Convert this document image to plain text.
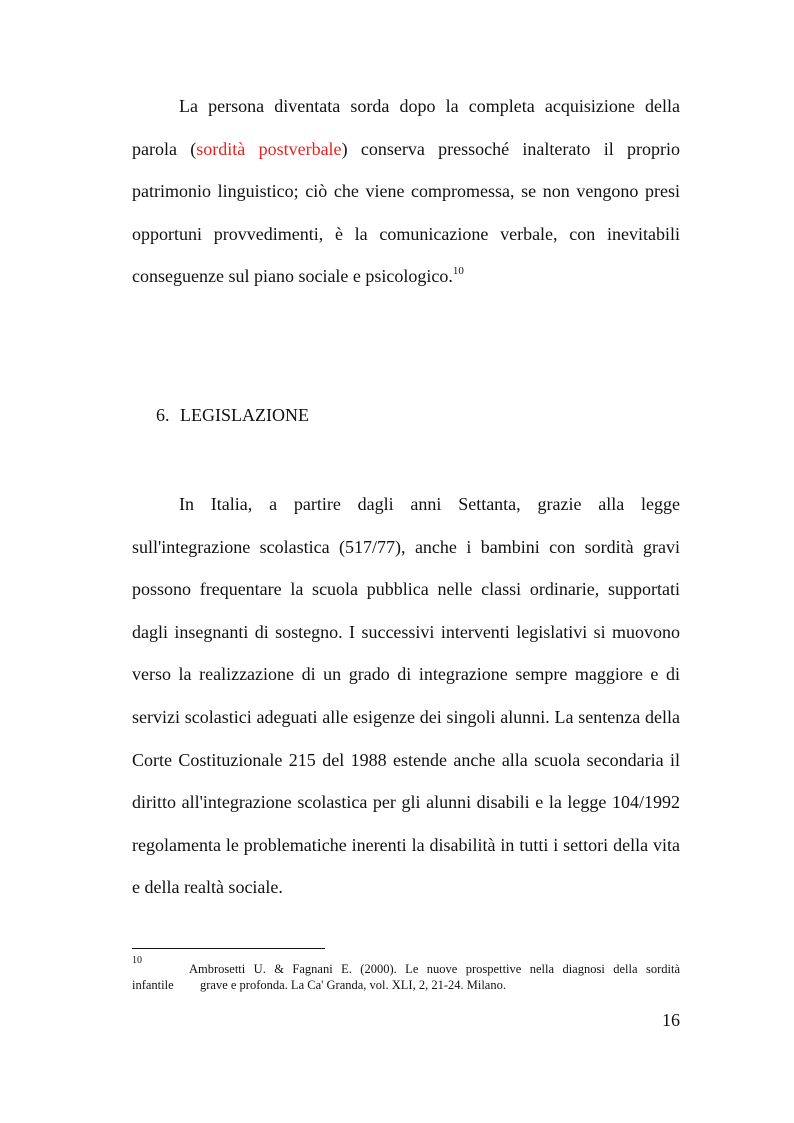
La persona diventata sorda dopo la completa acquisizione della parola (sordità postverbale) conserva pressoché inalterato il proprio patrimonio linguistico; ciò che viene compromessa, se non vengono presi opportuni provvedimenti, è la comunicazione verbale, con inevitabili conseguenze sul piano sociale e psicologico.$^{10}$

6. LEGISLAZIONE

In Italia, a partire dagli anni Settanta, grazie alla legge sull'integrazione scolastica (517/77), anche i bambini con sordità gravi possono frequentare la scuola pubblica nelle classi ordinarie, supportati dagli insegnanti di sostegno. I successivi interventi legislativi si muovono verso la realizzazione di un grado di integrazione sempre maggiore e di servizi scolastici adeguati alle esigenze dei singoli alunni. La sentenza della Corte Costituzionale 215 del 1988 estende anche alla scuola secondaria il diritto all'integrazione scolastica per gli alunni disabili e la legge 104/1992 regolamenta le problematiche inerenti la disabilità in tutti i settori della vita e della realtà sociale.

10
Ambrosetti U. & Fagnani E. (2000). Le nuove prospettive nella diagnosi della sordità
infantile grave e profonda. La Ca' Granda, vol. XLI, 2, 21-24. Milano.
16
